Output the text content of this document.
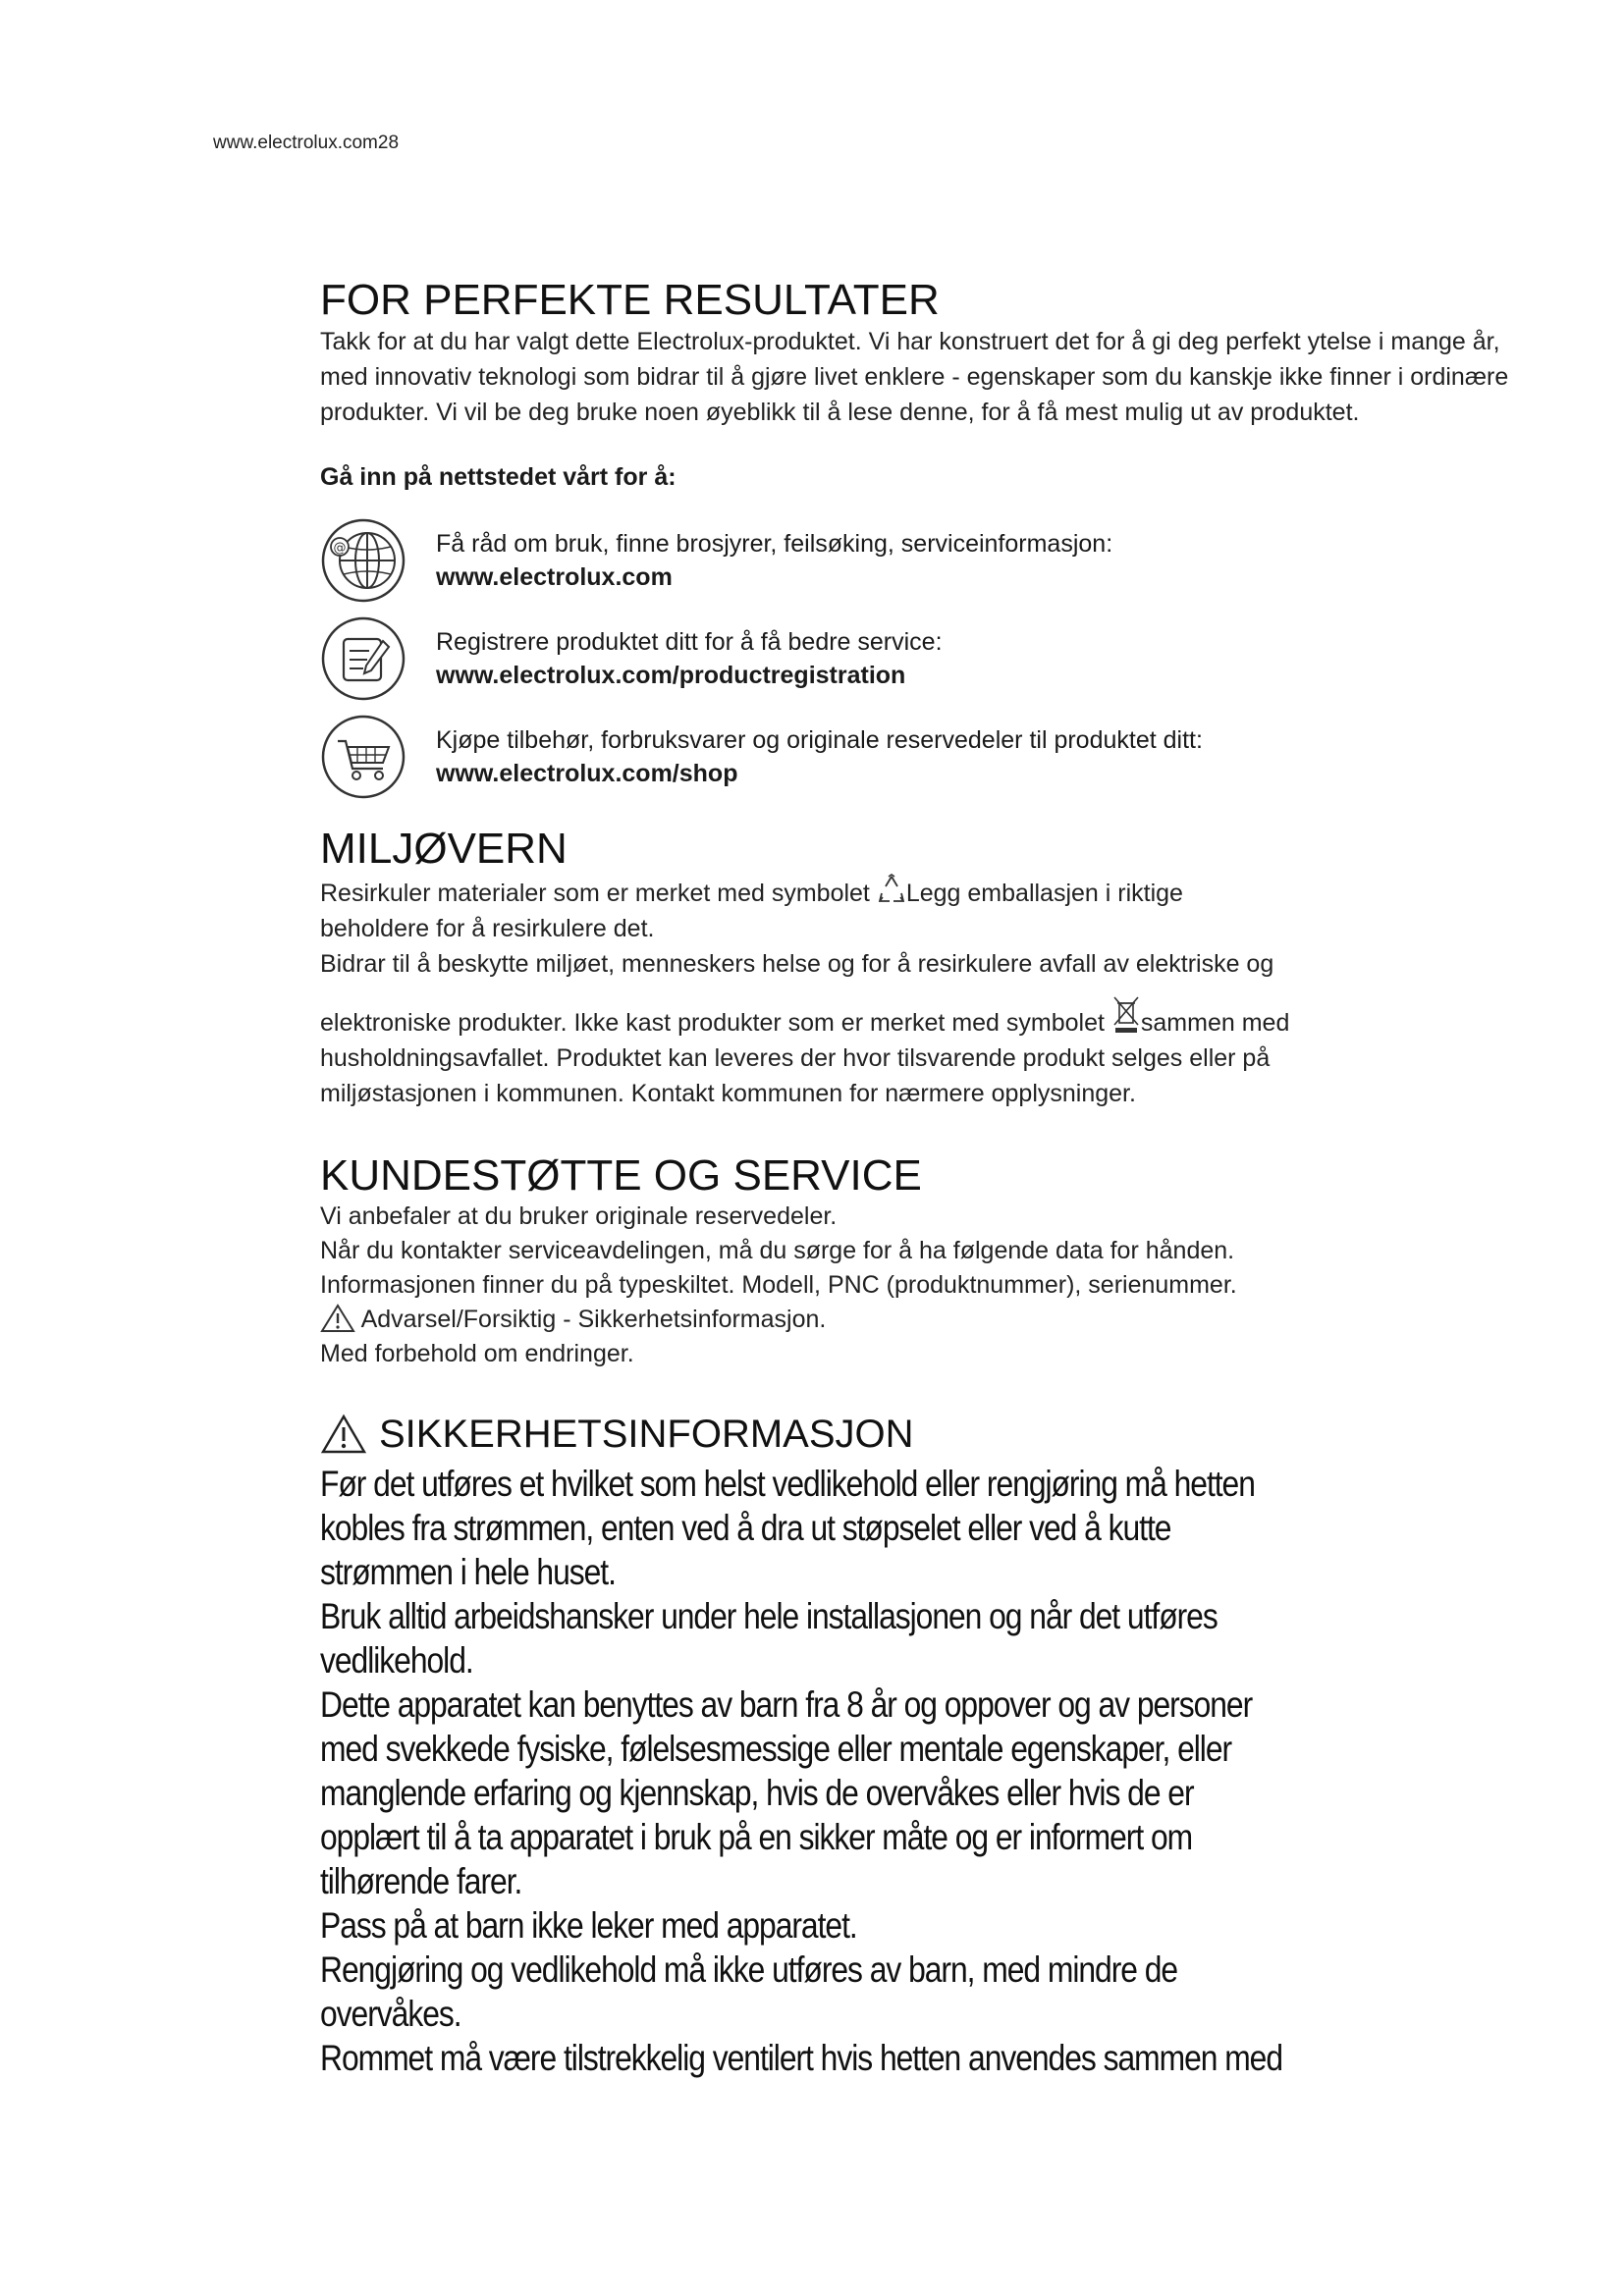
www.electrolux.com28
FOR PERFEKTE RESULTATER

Takk for at du har valgt dette Electrolux-produktet. Vi har konstruert det for å gi deg perfekt ytelse i mange år, med innovativ teknologi som bidrar til å gjøre livet enklere - egenskaper som du kanskje ikke finner i ordinære produkter. Vi vil be deg bruke noen øyeblikk til å lese denne, for å få mest mulig ut av produktet.

Gå inn på nettstedet vårt for å:
@	Få råd om bruk, finne brosjyrer, feilsøking, serviceinformasjon:
www.electrolux.com
Registrere produktet ditt for å få bedre service:
www.electrolux.com/productregistration
Kjøpe tilbehør, forbruksvarer og originale reservedeler til produktet ditt:
www.electrolux.com/shop
MILJØVERN

Resirkuler materialer som er merket med symbolet Legg emballasjen i riktige
beholdere for å resirkulere det.
Bidrar til å beskytte miljøet, menneskers helse og for å resirkulere avfall av elektriske og
elektroniske produkter. Ikke kast produkter som er merket med symbolet sammen med
husholdningsavfallet. Produktet kan leveres der hvor tilsvarende produkt selges eller på
miljøstasjonen i kommunen. Kontakt kommunen for nærmere opplysninger.

KUNDESTØTTE OG SERVICE

Vi anbefaler at du bruker originale reservedeler.
Når du kontakter serviceavdelingen, må du sørge for å ha følgende data for hånden.
Informasjonen finner du på typeskiltet. Modell, PNC (produktnummer), serienummer.
Advarsel/Forsiktig - Sikkerhetsinformasjon.
Med forbehold om endringer.

SIKKERHETSINFORMASJON
Før det utføres et hvilket som helst vedlikehold eller rengjøring må hetten
kobles fra strømmen, enten ved å dra ut støpselet eller ved å kutte
strømmen i hele huset.
Bruk alltid arbeidshansker under hele installasjonen og når det utføres
vedlikehold.
Dette apparatet kan benyttes av barn fra 8 år og oppover og av personer
med svekkede fysiske, følelsesmessige eller mentale egenskaper, eller
manglende erfaring og kjennskap, hvis de overvåkes eller hvis de er
opplært til å ta apparatet i bruk på en sikker måte og er informert om
tilhørende farer.
Pass på at barn ikke leker med apparatet.
Rengjøring og vedlikehold må ikke utføres av barn, med mindre de
overvåkes.
Rommet må være tilstrekkelig ventilert hvis hetten anvendes sammen med
